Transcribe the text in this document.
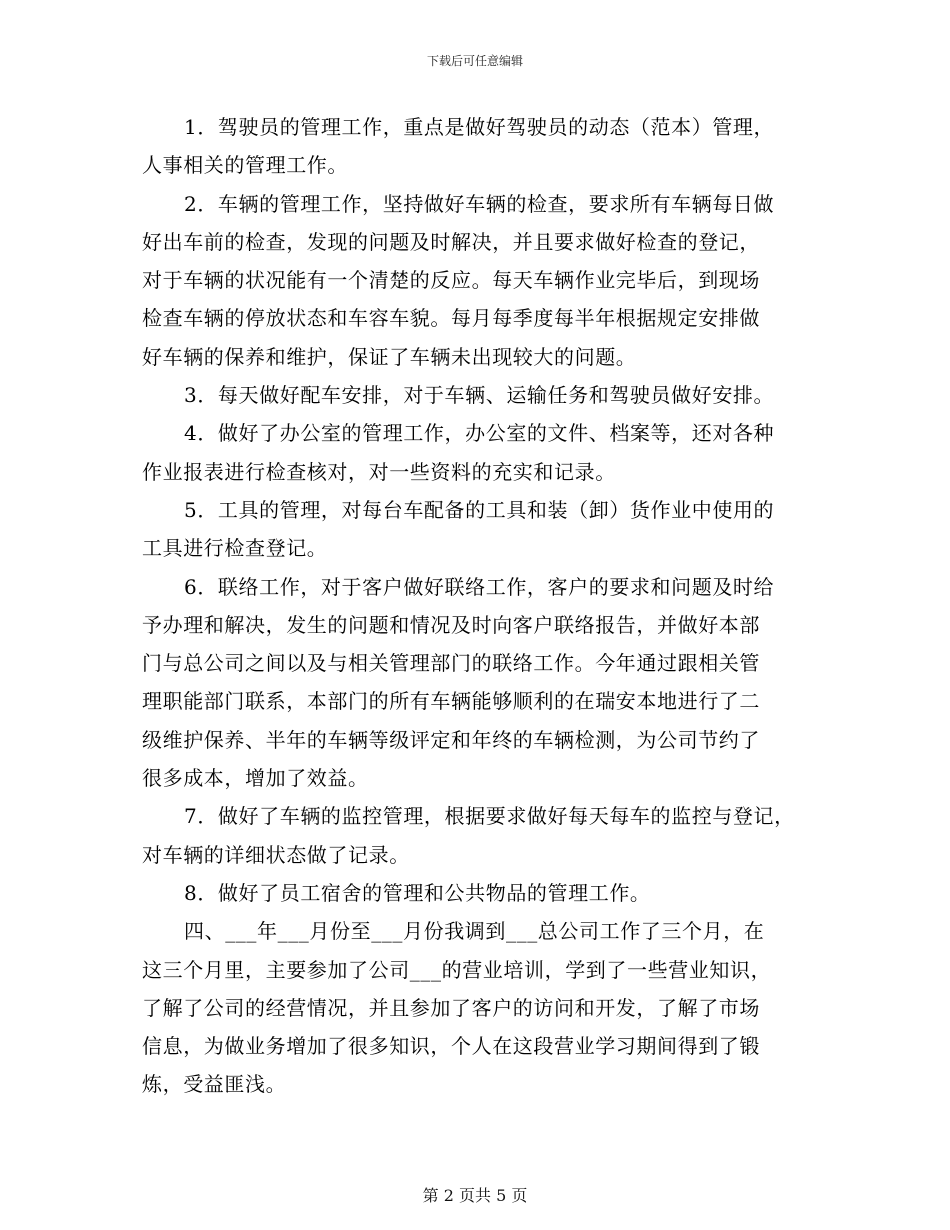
下载后可任意编辑
1．驾驶员的管理工作，重点是做好驾驶员的动态（范本）管理，
人事相关的管理工作。
2．车辆的管理工作，坚持做好车辆的检查，要求所有车辆每日做
好出车前的检查，发现的问题及时解决，并且要求做好检查的登记，
对于车辆的状况能有一个清楚的反应。每天车辆作业完毕后，到现场
检查车辆的停放状态和车容车貌。每月每季度每半年根据规定安排做
好车辆的保养和维护，保证了车辆未出现较大的问题。
3．每天做好配车安排，对于车辆、运输任务和驾驶员做好安排。
4．做好了办公室的管理工作，办公室的文件、档案等，还对各种
作业报表进行检查核对，对一些资料的充实和记录。
5．工具的管理，对每台车配备的工具和装（卸）货作业中使用的
工具进行检查登记。
6．联络工作，对于客户做好联络工作，客户的要求和问题及时给
予办理和解决，发生的问题和情况及时向客户联络报告，并做好本部
门与总公司之间以及与相关管理部门的联络工作。今年通过跟相关管
理职能部门联系，本部门的所有车辆能够顺利的在瑞安本地进行了二
级维护保养、半年的车辆等级评定和年终的车辆检测，为公司节约了
很多成本，增加了效益。
7．做好了车辆的监控管理，根据要求做好每天每车的监控与登记，
对车辆的详细状态做了记录。
8．做好了员工宿舍的管理和公共物品的管理工作。
四、___年___月份至___月份我调到___总公司工作了三个月，在
这三个月里，主要参加了公司___的营业培训，学到了一些营业知识，
了解了公司的经营情况，并且参加了客户的访问和开发，了解了市场
信息，为做业务增加了很多知识，个人在这段营业学习期间得到了锻
炼，受益匪浅。
第 2 页共 5 页
